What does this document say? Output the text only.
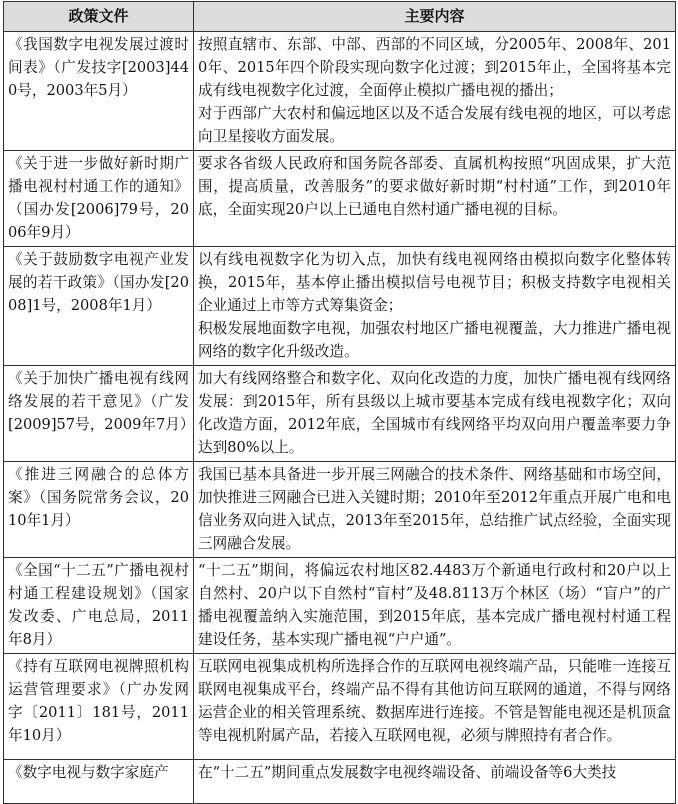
政策文件	主要内容
《我国数字电视发展过渡时间表》（广发技字[2003]440号，2003年5月）	按照直辖市、东部、中部、西部的不同区域，分2005年、2008年、2010年、2015年四个阶段实现向数字化过渡；到2015年止，全国将基本完成有线电视数字化过渡，全面停止模拟广播电视的播出；
对于西部广大农村和偏远地区以及不适合发展有线电视的地区，可以考虑向卫星接收方面发展。

《关于进一步做好新时期广播电视村村通工作的通知》（国办发[2006]79号，2006年9月）	要求各省级人民政府和国务院各部委、直属机构按照“巩固成果，扩大范围，提高质量，改善服务”的要求做好新时期“村村通”工作，到2010年底，全面实现20户以上已通电自然村通广播电视的目标。

《关于鼓励数字电视产业发展的若干政策》（国办发[2008]1号，2008年1月）	以有线电视数字化为切入点，加快有线电视网络由模拟向数字化整体转换，2015年，基本停止播出模拟信号电视节目；积极支持数字电视相关企业通过上市等方式筹集资金；
积极发展地面数字电视，加强农村地区广播电视覆盖，大力推进广播电视网络的数字化升级改造。

《关于加快广播电视有线网络发展的若干意见》（广发[2009]57号，2009年7月）	加大有线网络整合和数字化、双向化改造的力度，加快广播电视有线网络发展：到2015年，所有县级以上城市要基本完成有线电视数字化；双向化改造方面，2012年底，全国城市有线网络平均双向用户覆盖率要力争达到80%以上。

《推进三网融合的总体方案》（国务院常务会议，2010年1月）	我国已基本具备进一步开展三网融合的技术条件、网络基础和市场空间，加快推进三网融合已进入关键时期；2010年至2012年重点开展广电和电信业务双向进入试点，2013年至2015年，总结推广试点经验，全面实现三网融合发展。

《全国“十二五”广播电视村村通工程建设规划》（国家发改委、广电总局，2011年8月）	“十二五”期间，将偏远农村地区82.4483万个新通电行政村和20户以上自然村、20户以下自然村“盲村”及48.8113万个林区（场）“盲户”的广播电视覆盖纳入实施范围，到2015年底，基本完成广播电视村村通工程建设任务，基本实现广播电视“户户通”。

《持有互联网电视牌照机构运营管理要求》（广办发网字〔2011〕181号，2011年10月）	互联网电视集成机构所选择合作的互联网电视终端产品，只能唯一连接互联网电视集成平台，终端产品不得有其他访问互联网的通道，不得与网络运营企业的相关管理系统、数据库进行连接。不管是智能电视还是机顶盒等电视机附属产品，若接入互联网电视，必须与牌照持有者合作。

《数字电视与数字家庭产	在“十二五”期间重点发展数字电视终端设备、前端设备等6大类技
